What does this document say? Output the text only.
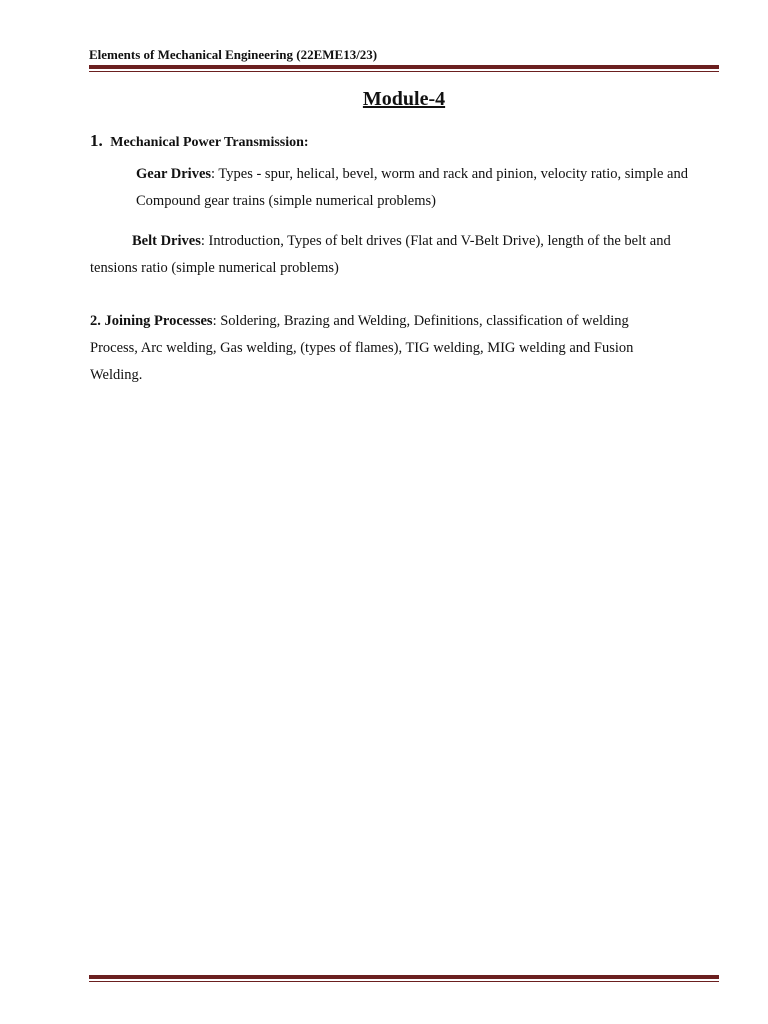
Elements of Mechanical Engineering (22EME13/23)
Module-4
1. Mechanical Power Transmission:

Gear Drives: Types - spur, helical, bevel, worm and rack and pinion, velocity ratio, simple and Compound gear trains (simple numerical problems)

Belt Drives: Introduction, Types of belt drives (Flat and V-Belt Drive), length of the belt and tensions ratio (simple numerical problems)

2. Joining Processes: Soldering, Brazing and Welding, Definitions, classification of welding Process, Arc welding, Gas welding, (types of flames), TIG welding, MIG welding and Fusion Welding.
